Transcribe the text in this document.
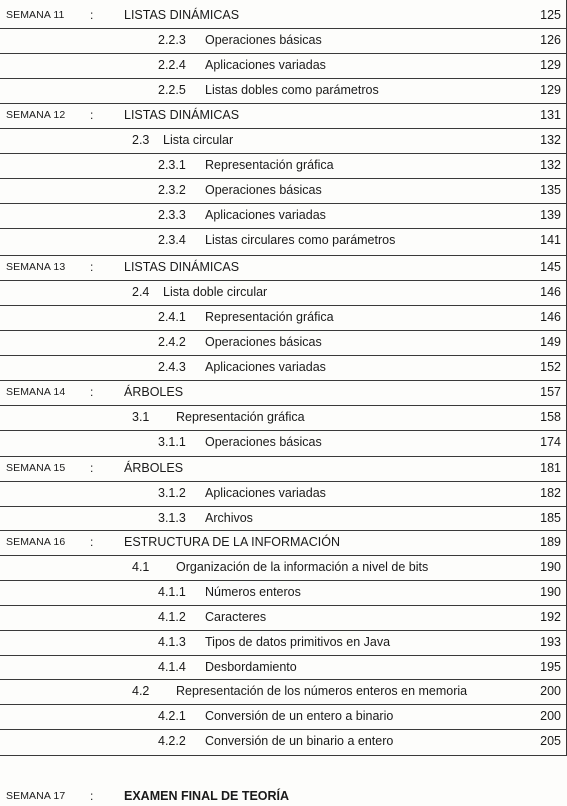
SEMANA 11 : LISTAS DINÁMICAS	125
2.2.3 Operaciones básicas	126
2.2.4 Aplicaciones variadas	129
2.2.5 Listas dobles como parámetros	129
SEMANA 12 : LISTAS DINÁMICAS	131
2.3 Lista circular	132
2.3.1 Representación gráfica	132
2.3.2 Operaciones básicas	135
2.3.3 Aplicaciones variadas	139
2.3.4 Listas circulares como parámetros	141
SEMANA 13 : LISTAS DINÁMICAS	145
2.4 Lista doble circular	146
2.4.1 Representación gráfica	146
2.4.2 Operaciones básicas	149
2.4.3 Aplicaciones variadas	152
SEMANA 14 : ÁRBOLES	157
3.1 Representación gráfica	158
3.1.1 Operaciones básicas	174
SEMANA 15 : ÁRBOLES	181
3.1.2 Aplicaciones variadas	182
3.1.3 Archivos	185
SEMANA 16 : ESTRUCTURA DE LA INFORMACIÓN	189
4.1 Organización de la información a nivel de bits	190
4.1.1 Números enteros	190
4.1.2 Caracteres	192
4.1.3 Tipos de datos primitivos en Java	193
4.1.4 Desbordamiento	195
4.2 Representación de los números enteros en memoria	200
4.2.1 Conversión de un entero a binario	200
4.2.2 Conversión de un binario a entero	205
SEMANA 17 : EXAMEN FINAL DE TEORÍA
